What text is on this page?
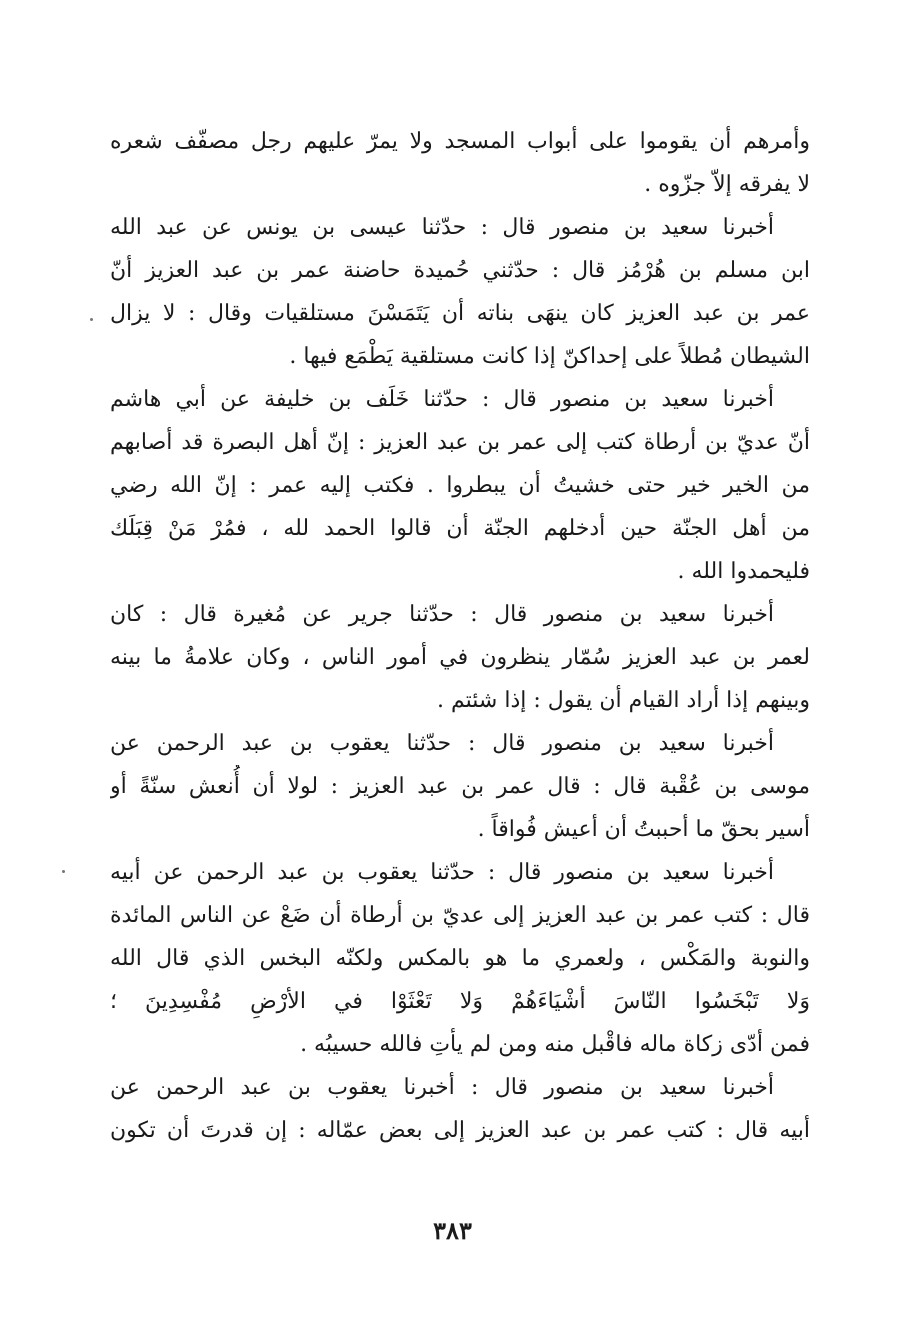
وأمرهم أن يقوموا على أبواب المسجد ولا يمرّ عليهم رجل مصفّف شعره
لا يفرقه إلاّ جزّوه .
أخبرنا سعيد بن منصور قال : حدّثنا عيسى بن يونس عن عبد الله
ابن مسلم بن هُرْمُز قال : حدّثني حُميدة حاضنة عمر بن عبد العزيز أنّ
عمر بن عبد العزيز كان ينهَى بناته أن يَتَمَسْنَ مستلقيات وقال : لا يزال
الشيطان مُطلاً على إحداكنّ إذا كانت مستلقية يَطْمَع فيها .
أخبرنا سعيد بن منصور قال : حدّثنا خَلَف بن خليفة عن أبي هاشم
أنّ عديّ بن أرطاة كتب إلى عمر بن عبد العزيز : إنّ أهل البصرة قد أصابهم
من الخير خير حتى خشيتُ أن يبطروا . فكتب إليه عمر : إنّ الله رضي
من أهل الجنّة حين أدخلهم الجنّة أن قالوا الحمد لله ، فمُرْ مَنْ قِبَلَك
فليحمدوا الله .
أخبرنا سعيد بن منصور قال : حدّثنا جرير عن مُغيرة قال : كان
لعمر بن عبد العزيز سُمّار ينظرون في أمور الناس ، وكان علامةُ ما بينه
وبينهم إذا أراد القيام أن يقول : إذا شئتم .
أخبرنا سعيد بن منصور قال : حدّثنا يعقوب بن عبد الرحمن عن
موسى بن عُقْبة قال : قال عمر بن عبد العزيز : لولا أن أُنعش سنّةً أو
أسير بحقّ ما أحببتُ أن أعيش فُواقاً .
أخبرنا سعيد بن منصور قال : حدّثنا يعقوب بن عبد الرحمن عن أبيه
قال : كتب عمر بن عبد العزيز إلى عديّ بن أرطاة أن ضَعْ عن الناس المائدة
والنوبة والمَكْس ، ولعمري ما هو بالمكس ولكنّه البخس الذي قال الله
وَلا تَبْخَسُوا النّاسَ أشْيَاءَهُمْ وَلا تَعْثَوْا في الأرْضِ مُفْسِدِينَ ؛
فمن أدّى زكاة ماله فاقْبل منه ومن لم يأتِ فالله حسيبُه .
أخبرنا سعيد بن منصور قال : أخبرنا يعقوب بن عبد الرحمن عن
أبيه قال : كتب عمر بن عبد العزيز إلى بعض عمّاله : إن قدرتَ أن تكون
٣٨٣
